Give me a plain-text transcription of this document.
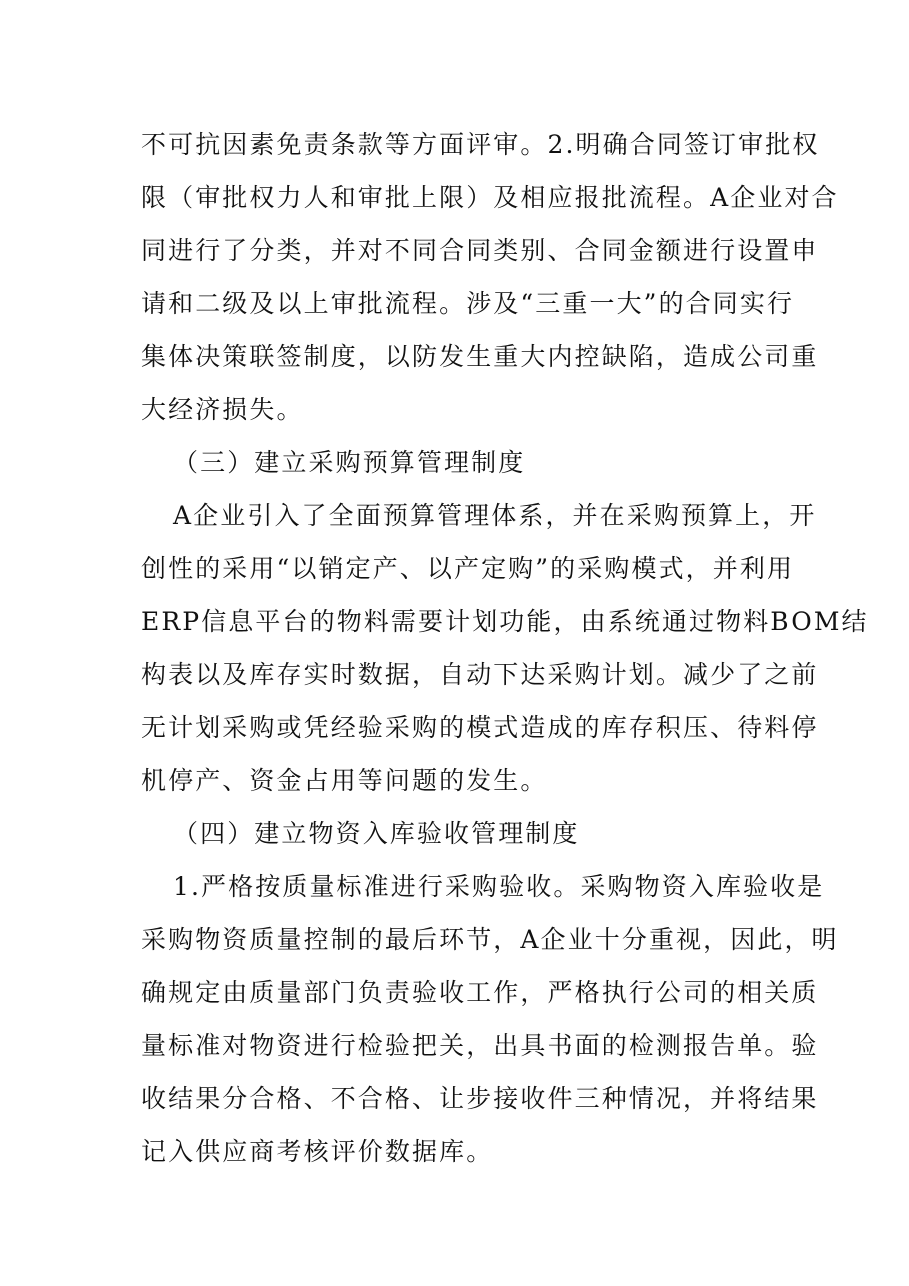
不可抗因素免责条款等方面评审。2.明确合同签订审批权
限（审批权力人和审批上限）及相应报批流程。A企业对合
同进行了分类，并对不同合同类别、合同金额进行设置申
请和二级及以上审批流程。涉及“三重一大”的合同实行
集体决策联签制度，以防发生重大内控缺陷，造成公司重
大经济损失。
（三）建立采购预算管理制度
A企业引入了全面预算管理体系，并在采购预算上，开
创性的采用“以销定产、以产定购”的采购模式，并利用
ERP信息平台的物料需要计划功能，由系统通过物料BOM结
构表以及库存实时数据，自动下达采购计划。减少了之前
无计划采购或凭经验采购的模式造成的库存积压、待料停
机停产、资金占用等问题的发生。
（四）建立物资入库验收管理制度
1.严格按质量标准进行采购验收。采购物资入库验收是
采购物资质量控制的最后环节，A企业十分重视，因此，明
确规定由质量部门负责验收工作，严格执行公司的相关质
量标准对物资进行检验把关，出具书面的检测报告单。验
收结果分合格、不合格、让步接收件三种情况，并将结果
记入供应商考核评价数据库。
